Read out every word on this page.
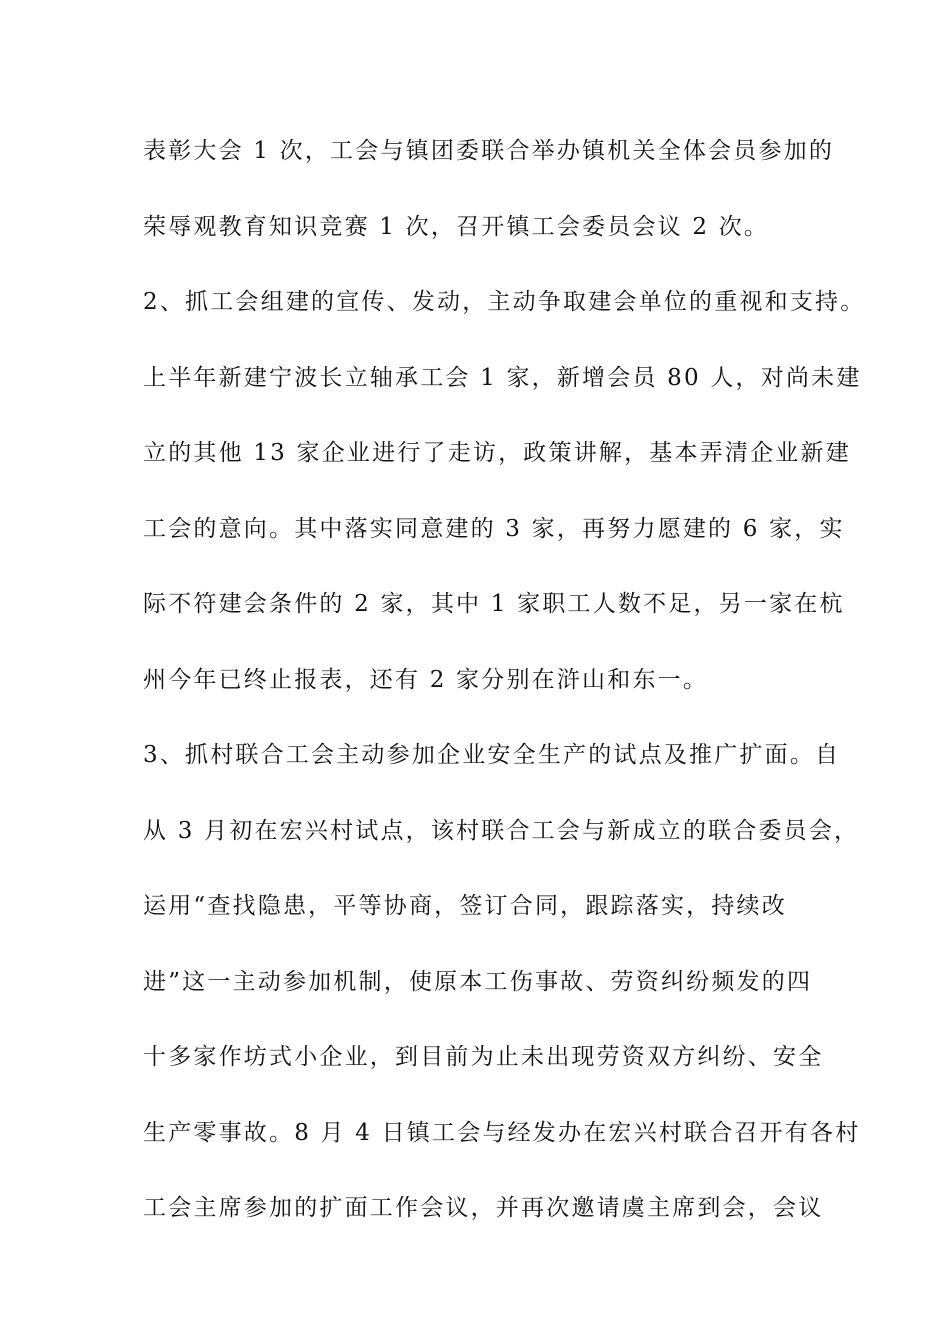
表彰大会 1 次，工会与镇团委联合举办镇机关全体会员参加的
荣辱观教育知识竞赛 1 次，召开镇工会委员会议 2 次。
2、抓工会组建的宣传、发动，主动争取建会单位的重视和支持。
上半年新建宁波长立轴承工会 1 家，新增会员 80 人，对尚未建
立的其他 13 家企业进行了走访，政策讲解，基本弄清企业新建
工会的意向。其中落实同意建的 3 家，再努力愿建的 6 家，实
际不符建会条件的 2 家，其中 1 家职工人数不足，另一家在杭
州今年已终止报表，还有 2 家分别在浒山和东一。
3、抓村联合工会主动参加企业安全生产的试点及推广扩面。自
从 3 月初在宏兴村试点，该村联合工会与新成立的联合委员会，
运用“查找隐患，平等协商，签订合同，跟踪落实，持续改
进”这一主动参加机制，使原本工伤事故、劳资纠纷频发的四
十多家作坊式小企业，到目前为止未出现劳资双方纠纷、安全
生产零事故。8 月 4 日镇工会与经发办在宏兴村联合召开有各村
工会主席参加的扩面工作会议，并再次邀请虞主席到会，会议
